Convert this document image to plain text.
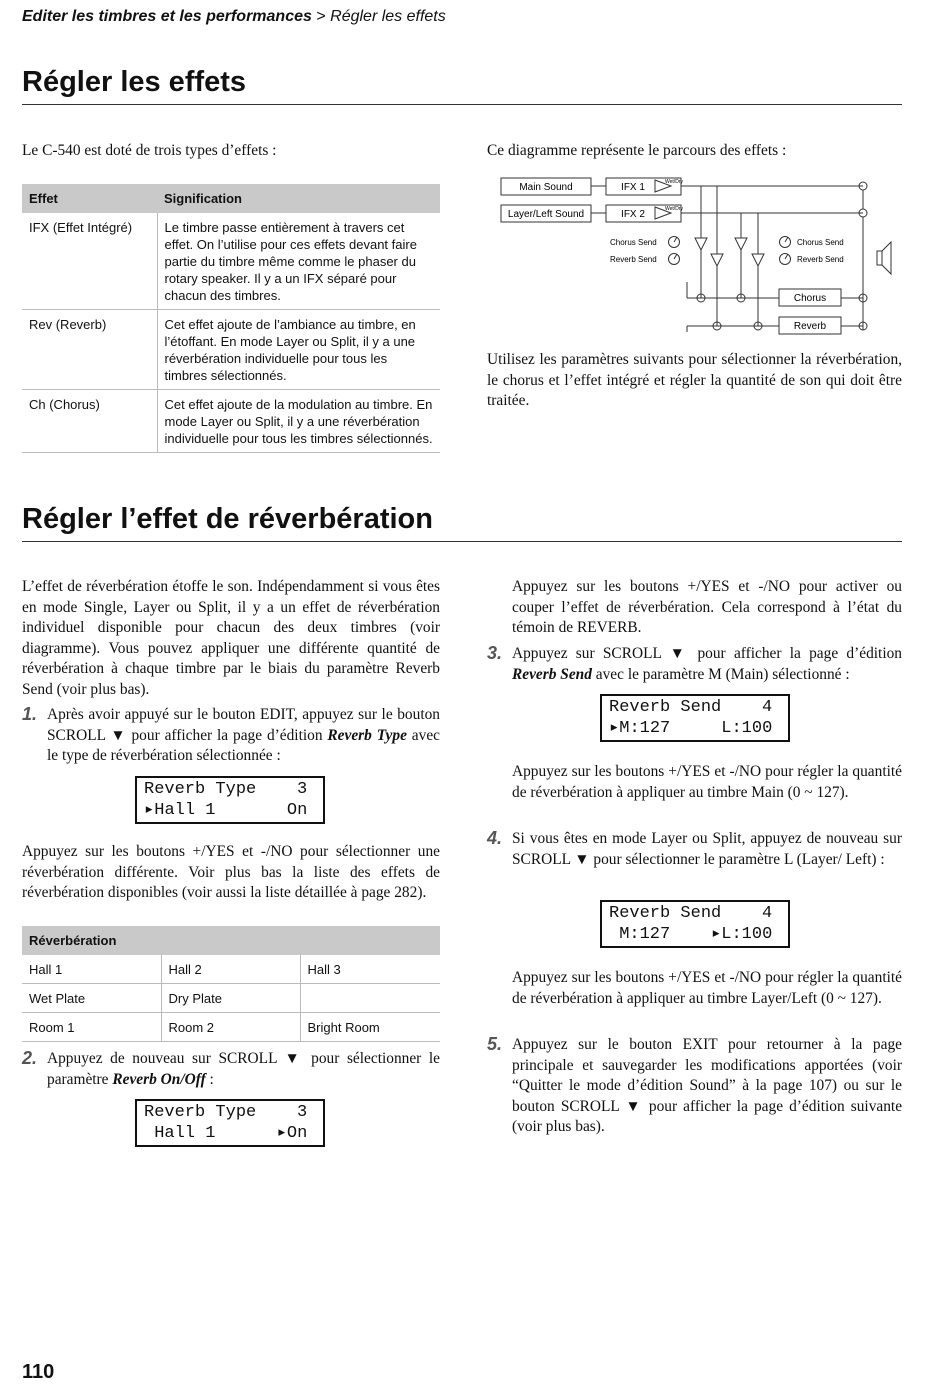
Editer les timbres et les performances > Régler les effets
Régler les effets
Le C-540 est doté de trois types d’effets :	Ce diagramme représente le parcours des effets :
Effet	Signification
IFX (Effet Intégré)	Le timbre passe entièrement à travers cet effet. On l’utilise pour ces effets devant faire partie du timbre même comme le phaser du rotary speaker. Il y a un IFX séparé pour chacun des timbres.
Rev (Reverb)	Cet effet ajoute de l’ambiance au timbre, en l’étoffant. En mode Layer ou Split, il y a une réverbération individuelle pour tous les timbres sélectionnés.
Ch (Chorus)	Cet effet ajoute de la modulation au timbre. En mode Layer ou Split, il y a une réverbération individuelle pour tous les timbres sélectionnés.
Main Sound
Layer/Left Sound
IFX 1
IFX 2
Wet/Dry
Wet/Dry
Chorus Send
Reverb Send
Chorus Send
Reverb Send
Chorus
Reverb
Utilisez les paramètres suivants pour sélectionner la réverbération, le chorus et l’effet intégré et régler la quantité de son qui doit être traitée.
Régler l’effet de réverbération
L’effet de réverbération étoffe le son. Indépendamment si vous êtes en mode Single, Layer ou Split, il y a un effet de réverbération individuel disponible pour chacun des deux timbres (voir diagramme). Vous pouvez appliquer une différente quantité de réverbération à chaque timbre par le biais du paramètre Reverb Send (voir plus bas).
1. Après avoir appuyé sur le bouton EDIT, appuyez sur le bouton SCROLL ▼ pour afficher la page d’édition Reverb Type avec le type de réverbération sélectionnée :
Reverb Type    3
▸Hall 1       On
Appuyez sur les boutons +/YES et -/NO pour sélectionner une réverbération différente. Voir plus bas la liste des effets de réverbération disponibles (voir aussi la liste détaillée à page 282).
Réverbération		
Hall 1	Hall 2	Hall 3
Wet Plate	Dry Plate	
Room 1	Room 2	Bright Room
2. Appuyez de nouveau sur SCROLL ▼ pour sélectionner le paramètre Reverb On/Off :
Reverb Type    3
Hall 1      ▸On
Appuyez sur les boutons +/YES et -/NO pour activer ou couper l’effet de réverbération. Cela correspond à l’état du témoin de REVERB.
3. Appuyez sur SCROLL ▼ pour afficher la page d’édition Reverb Send avec le paramètre M (Main) sélectionné :
Reverb Send    4
▸M:127     L:100
Appuyez sur les boutons +/YES et -/NO pour régler la quantité de réverbération à appliquer au timbre Main (0 ~ 127).
4. Si vous êtes en mode Layer ou Split, appuyez de nouveau sur SCROLL ▼ pour sélectionner le paramètre L (Layer/ Left) :
Reverb Send    4
M:127    ▸L:100
Appuyez sur les boutons +/YES et -/NO pour régler la quantité de réverbération à appliquer au timbre Layer/Left (0 ~ 127).
5. Appuyez sur le bouton EXIT pour retourner à la page principale et sauvegarder les modifications apportées (voir “Quitter le mode d’édition Sound” à la page 107) ou sur le bouton SCROLL ▼ pour afficher la page d’édition suivante (voir plus bas).
110
